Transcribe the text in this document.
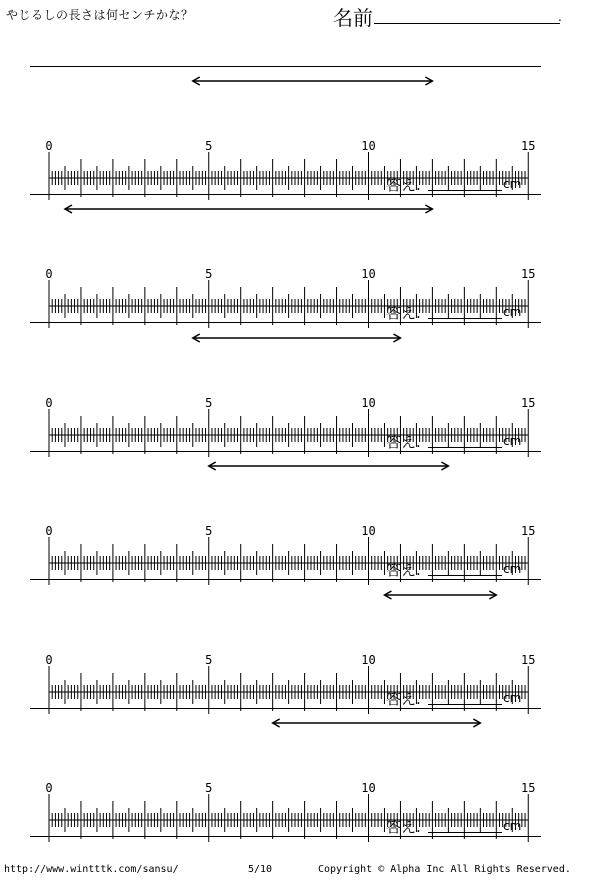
やじるしの長さは何センチかな？	名前	.
0	5	10	15
答え.	cm
0	5	10	15
答え.	cm
0	5	10	15
答え.	cm
0	5	10	15
答え.	cm
0	5	10	15
答え.	cm
0	5	10	15
答え.	cm
http://www.wintttk.com/sansu/	5/10	Copyright © Alpha Inc All Rights Reserved.
